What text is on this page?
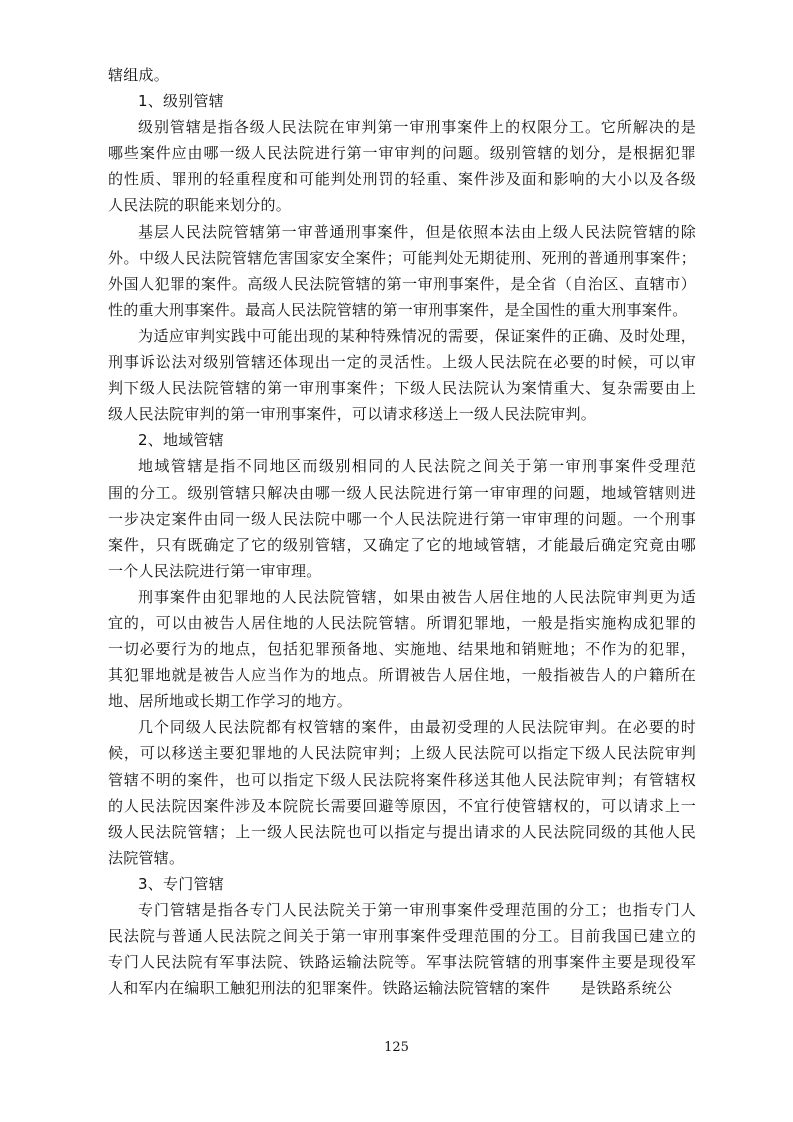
辖组成。
1、级别管辖
级别管辖是指各级人民法院在审判第一审刑事案件上的权限分工。它所解决的是
哪些案件应由哪一级人民法院进行第一审审判的问题。级别管辖的划分，是根据犯罪
的性质、罪刑的轻重程度和可能判处刑罚的轻重、案件涉及面和影响的大小以及各级
人民法院的职能来划分的。
基层人民法院管辖第一审普通刑事案件，但是依照本法由上级人民法院管辖的除
外。中级人民法院管辖危害国家安全案件；可能判处无期徒刑、死刑的普通刑事案件；
外国人犯罪的案件。高级人民法院管辖的第一审刑事案件，是全省（自治区、直辖市）
性的重大刑事案件。最高人民法院管辖的第一审刑事案件，是全国性的重大刑事案件。
为适应审判实践中可能出现的某种特殊情况的需要，保证案件的正确、及时处理，
刑事诉讼法对级别管辖还体现出一定的灵活性。上级人民法院在必要的时候，可以审
判下级人民法院管辖的第一审刑事案件；下级人民法院认为案情重大、复杂需要由上
级人民法院审判的第一审刑事案件，可以请求移送上一级人民法院审判。
2、地域管辖
地域管辖是指不同地区而级别相同的人民法院之间关于第一审刑事案件受理范
围的分工。级别管辖只解决由哪一级人民法院进行第一审审理的问题，地域管辖则进
一步决定案件由同一级人民法院中哪一个人民法院进行第一审审理的问题。一个刑事
案件，只有既确定了它的级别管辖，又确定了它的地域管辖，才能最后确定究竟由哪
一个人民法院进行第一审审理。
刑事案件由犯罪地的人民法院管辖，如果由被告人居住地的人民法院审判更为适
宜的，可以由被告人居住地的人民法院管辖。所谓犯罪地，一般是指实施构成犯罪的
一切必要行为的地点，包括犯罪预备地、实施地、结果地和销赃地；不作为的犯罪，
其犯罪地就是被告人应当作为的地点。所谓被告人居住地，一般指被告人的户籍所在
地、居所地或长期工作学习的地方。
几个同级人民法院都有权管辖的案件，由最初受理的人民法院审判。在必要的时
候，可以移送主要犯罪地的人民法院审判；上级人民法院可以指定下级人民法院审判
管辖不明的案件，也可以指定下级人民法院将案件移送其他人民法院审判；有管辖权
的人民法院因案件涉及本院院长需要回避等原因，不宜行使管辖权的，可以请求上一
级人民法院管辖；上一级人民法院也可以指定与提出请求的人民法院同级的其他人民
法院管辖。
3、专门管辖
专门管辖是指各专门人民法院关于第一审刑事案件受理范围的分工；也指专门人
民法院与普通人民法院之间关于第一审刑事案件受理范围的分工。目前我国已建立的
专门人民法院有军事法院、铁路运输法院等。军事法院管辖的刑事案件主要是现役军
人和军内在编职工触犯刑法的犯罪案件。铁路运输法院管辖的案件　　是铁路系统公
125
